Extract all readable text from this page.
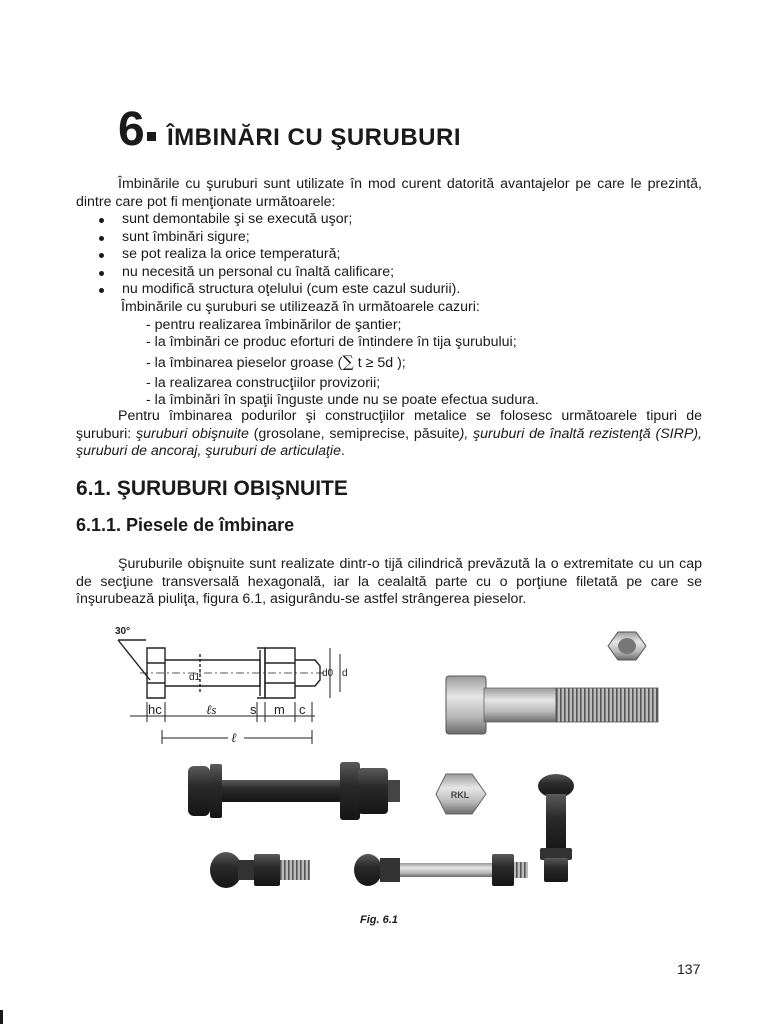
6 ÎMBINĂRI CU ŞURUBURI
Îmbinările cu şuruburi sunt utilizate în mod curent datorită avantajelor pe care le prezintă, dintre care pot fi menţionate următoarele:
sunt demontabile şi se execută uşor;
sunt îmbinări sigure;
se pot realiza la orice temperatură;
nu necesită un personal cu înaltă calificare;
nu modifică structura oţelului (cum este cazul sudurii).
Îmbinările cu şuruburi se utilizează în următoarele cazuri:
- pentru realizarea îmbinărilor de şantier;
- la îmbinări ce produc eforturi de întindere în tija şurubului;
- la îmbinarea pieselor groase (∑ t ≥ 5d );
- la realizarea construcţiilor provizorii;
- la îmbinări în spaţii înguste unde nu se poate efectua sudura.
Pentru îmbinarea podurilor şi construcţiilor metalice se folosesc următoarele tipuri de şuruburi: şuruburi obişnuite (grosolane, semiprecise, păsuite), şuruburi de înaltă rezistenţă (SIRP), şuruburi de ancoraj, şuruburi de articulaţie.
6.1. ŞURUBURI OBIŞNUITE
6.1.1. Piesele de îmbinare
Şuruburile obişnuite sunt realizate dintr-o tijă cilindrică prevăzută la o extremitate cu un cap de secţiune transversală hexagonală, iar la cealaltă parte cu o porţiune filetată pe care se înşurubează piuliţa, figura 6.1, asigurându-se astfel strângerea pieselor.
30°
d1	d0 d
hc	ℓs	s m c
ℓ
RKL
Fig. 6.1
137
